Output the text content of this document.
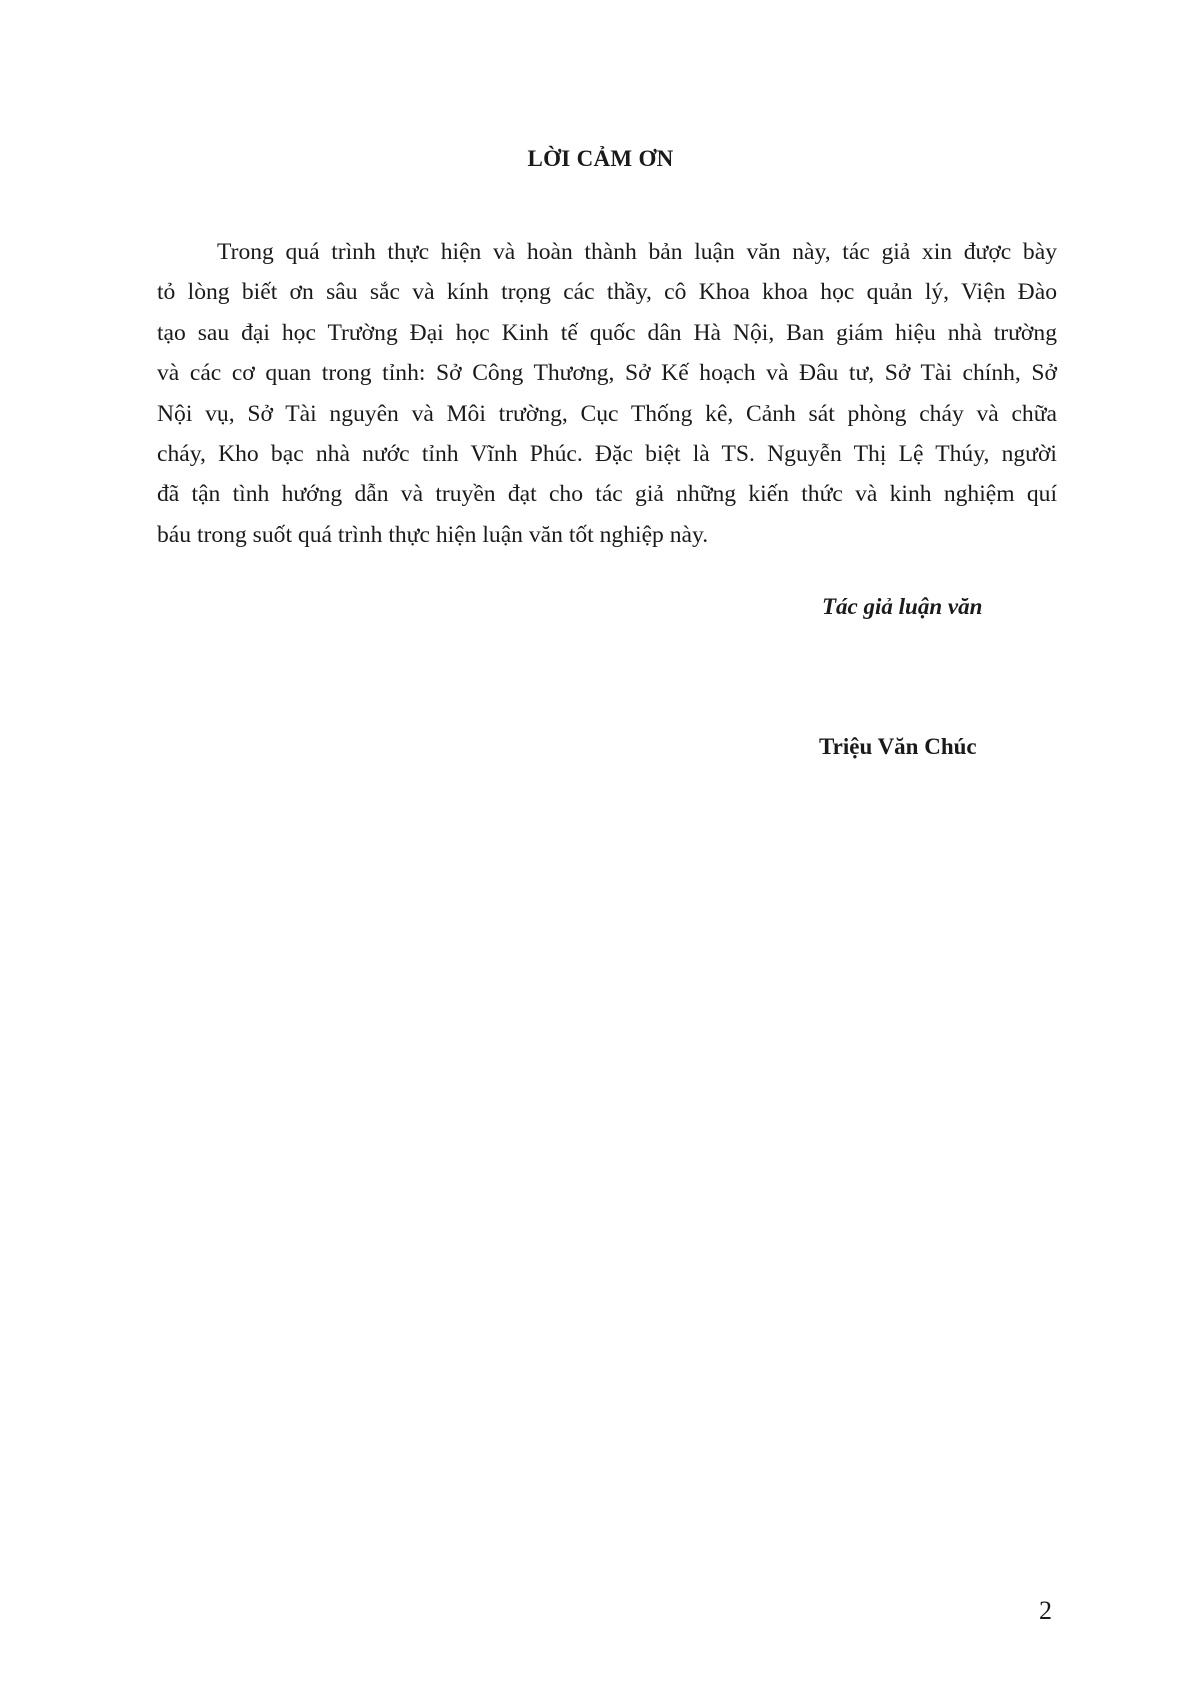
LỜI CẢM ƠN
Trong quá trình thực hiện và hoàn thành bản luận văn này, tác giả xin được bày
tỏ lòng biết ơn sâu sắc và kính trọng các thầy, cô Khoa khoa học quản lý, Viện Đào
tạo sau đại học Trường Đại học Kinh tế quốc dân Hà Nội, Ban giám hiệu nhà trường
và các cơ quan trong tỉnh: Sở Công Thương, Sở Kế hoạch và Đâu tư, Sở Tài chính, Sở
Nội vụ, Sở Tài nguyên và Môi trường, Cục Thống kê, Cảnh sát phòng cháy và chữa
cháy, Kho bạc nhà nước tỉnh Vĩnh Phúc. Đặc biệt là TS. Nguyễn Thị Lệ Thúy, người
đã tận tình hướng dẫn và truyền đạt cho tác giả những kiến thức và kinh nghiệm quí
báu trong suốt quá trình thực hiện luận văn tốt nghiệp này.

Tác giả luận văn

Triệu Văn Chúc

2
